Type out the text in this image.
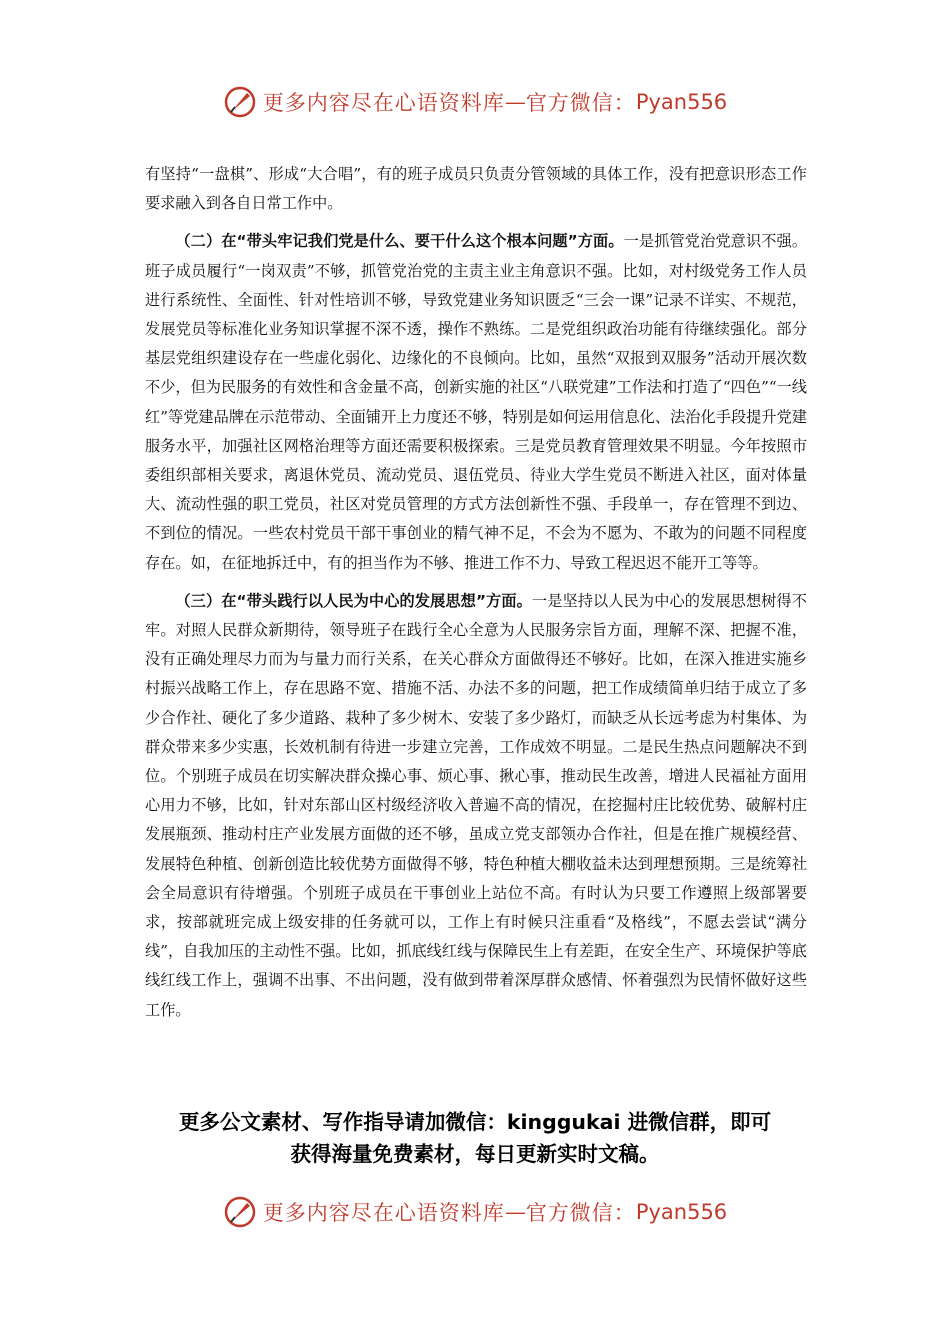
更多内容尽在心语资料库 — 官方微信： Pyan556

有坚持“一盘棋”、形成“大合唱”，有的班子成员只负责分管领域的具体工作，没有把意识形态工作要求融入到各自日常工作中。

（二）在“带头牢记我们党是什么、要干什么这个根本问题”方面。一是抓管党治党意识不强。班子成员履行“一岗双责”不够，抓管党治党的主责主业主角意识不强。比如，对村级党务工作人员进行系统性、全面性、针对性培训不够，导致党建业务知识匮乏“三会一课”记录不详实、不规范，发展党员等标准化业务知识掌握不深不透，操作不熟练。二是党组织政治功能有待继续强化。部分基层党组织建设存在一些虚化弱化、边缘化的不良倾向。比如，虽然“双报到双服务”活动开展次数不少，但为民服务的有效性和含金量不高，创新实施的社区“八联党建”工作法和打造了“四色”“一线红”等党建品牌在示范带动、全面铺开上力度还不够，特别是如何运用信息化、法治化手段提升党建服务水平，加强社区网格治理等方面还需要积极探索。三是党员教育管理效果不明显。今年按照市委组织部相关要求，离退休党员、流动党员、退伍党员、待业大学生党员不断进入社区，面对体量大、流动性强的职工党员，社区对党员管理的方式方法创新性不强、手段单一，存在管理不到边、不到位的情况。一些农村党员干部干事创业的精气神不足，不会为不愿为、不敢为的问题不同程度存在。如，在征地拆迁中，有的担当作为不够、推进工作不力、导致工程迟迟不能开工等等。

（三）在“带头践行以人民为中心的发展思想”方面。一是坚持以人民为中心的发展思想树得不牢。对照人民群众新期待，领导班子在践行全心全意为人民服务宗旨方面，理解不深、把握不准，没有正确处理尽力而为与量力而行关系，在关心群众方面做得还不够好。比如，在深入推进实施乡村振兴战略工作上，存在思路不宽、措施不活、办法不多的问题，把工作成绩简单归结于成立了多少合作社、硬化了多少道路、栽种了多少树木、安装了多少路灯，而缺乏从长远考虑为村集体、为群众带来多少实惠，长效机制有待进一步建立完善，工作成效不明显。二是民生热点问题解决不到位。个别班子成员在切实解决群众操心事、烦心事、揪心事，推动民生改善，增进人民福祉方面用心用力不够，比如，针对东部山区村级经济收入普遍不高的情况，在挖掘村庄比较优势、破解村庄发展瓶颈、推动村庄产业发展方面做的还不够，虽成立党支部领办合作社，但是在推广规模经营、发展特色种植、创新创造比较优势方面做得不够，特色种植大棚收益未达到理想预期。三是统筹社会全局意识有待增强。个别班子成员在干事创业上站位不高。有时认为只要工作遵照上级部署要求，按部就班完成上级安排的任务就可以，工作上有时候只注重看“及格线”，不愿去尝试“满分线”，自我加压的主动性不强。比如，抓底线红线与保障民生上有差距，在安全生产、环境保护等底线红线工作上，强调不出事、不出问题，没有做到带着深厚群众感情、怀着强烈为民情怀做好这些工作。

更多公文素材、写作指导请加微信：kinggukai 进微信群，即可
获得海量免费素材，每日更新实时文稿。
更多内容尽在心语资料库 — 官方微信： Pyan556
